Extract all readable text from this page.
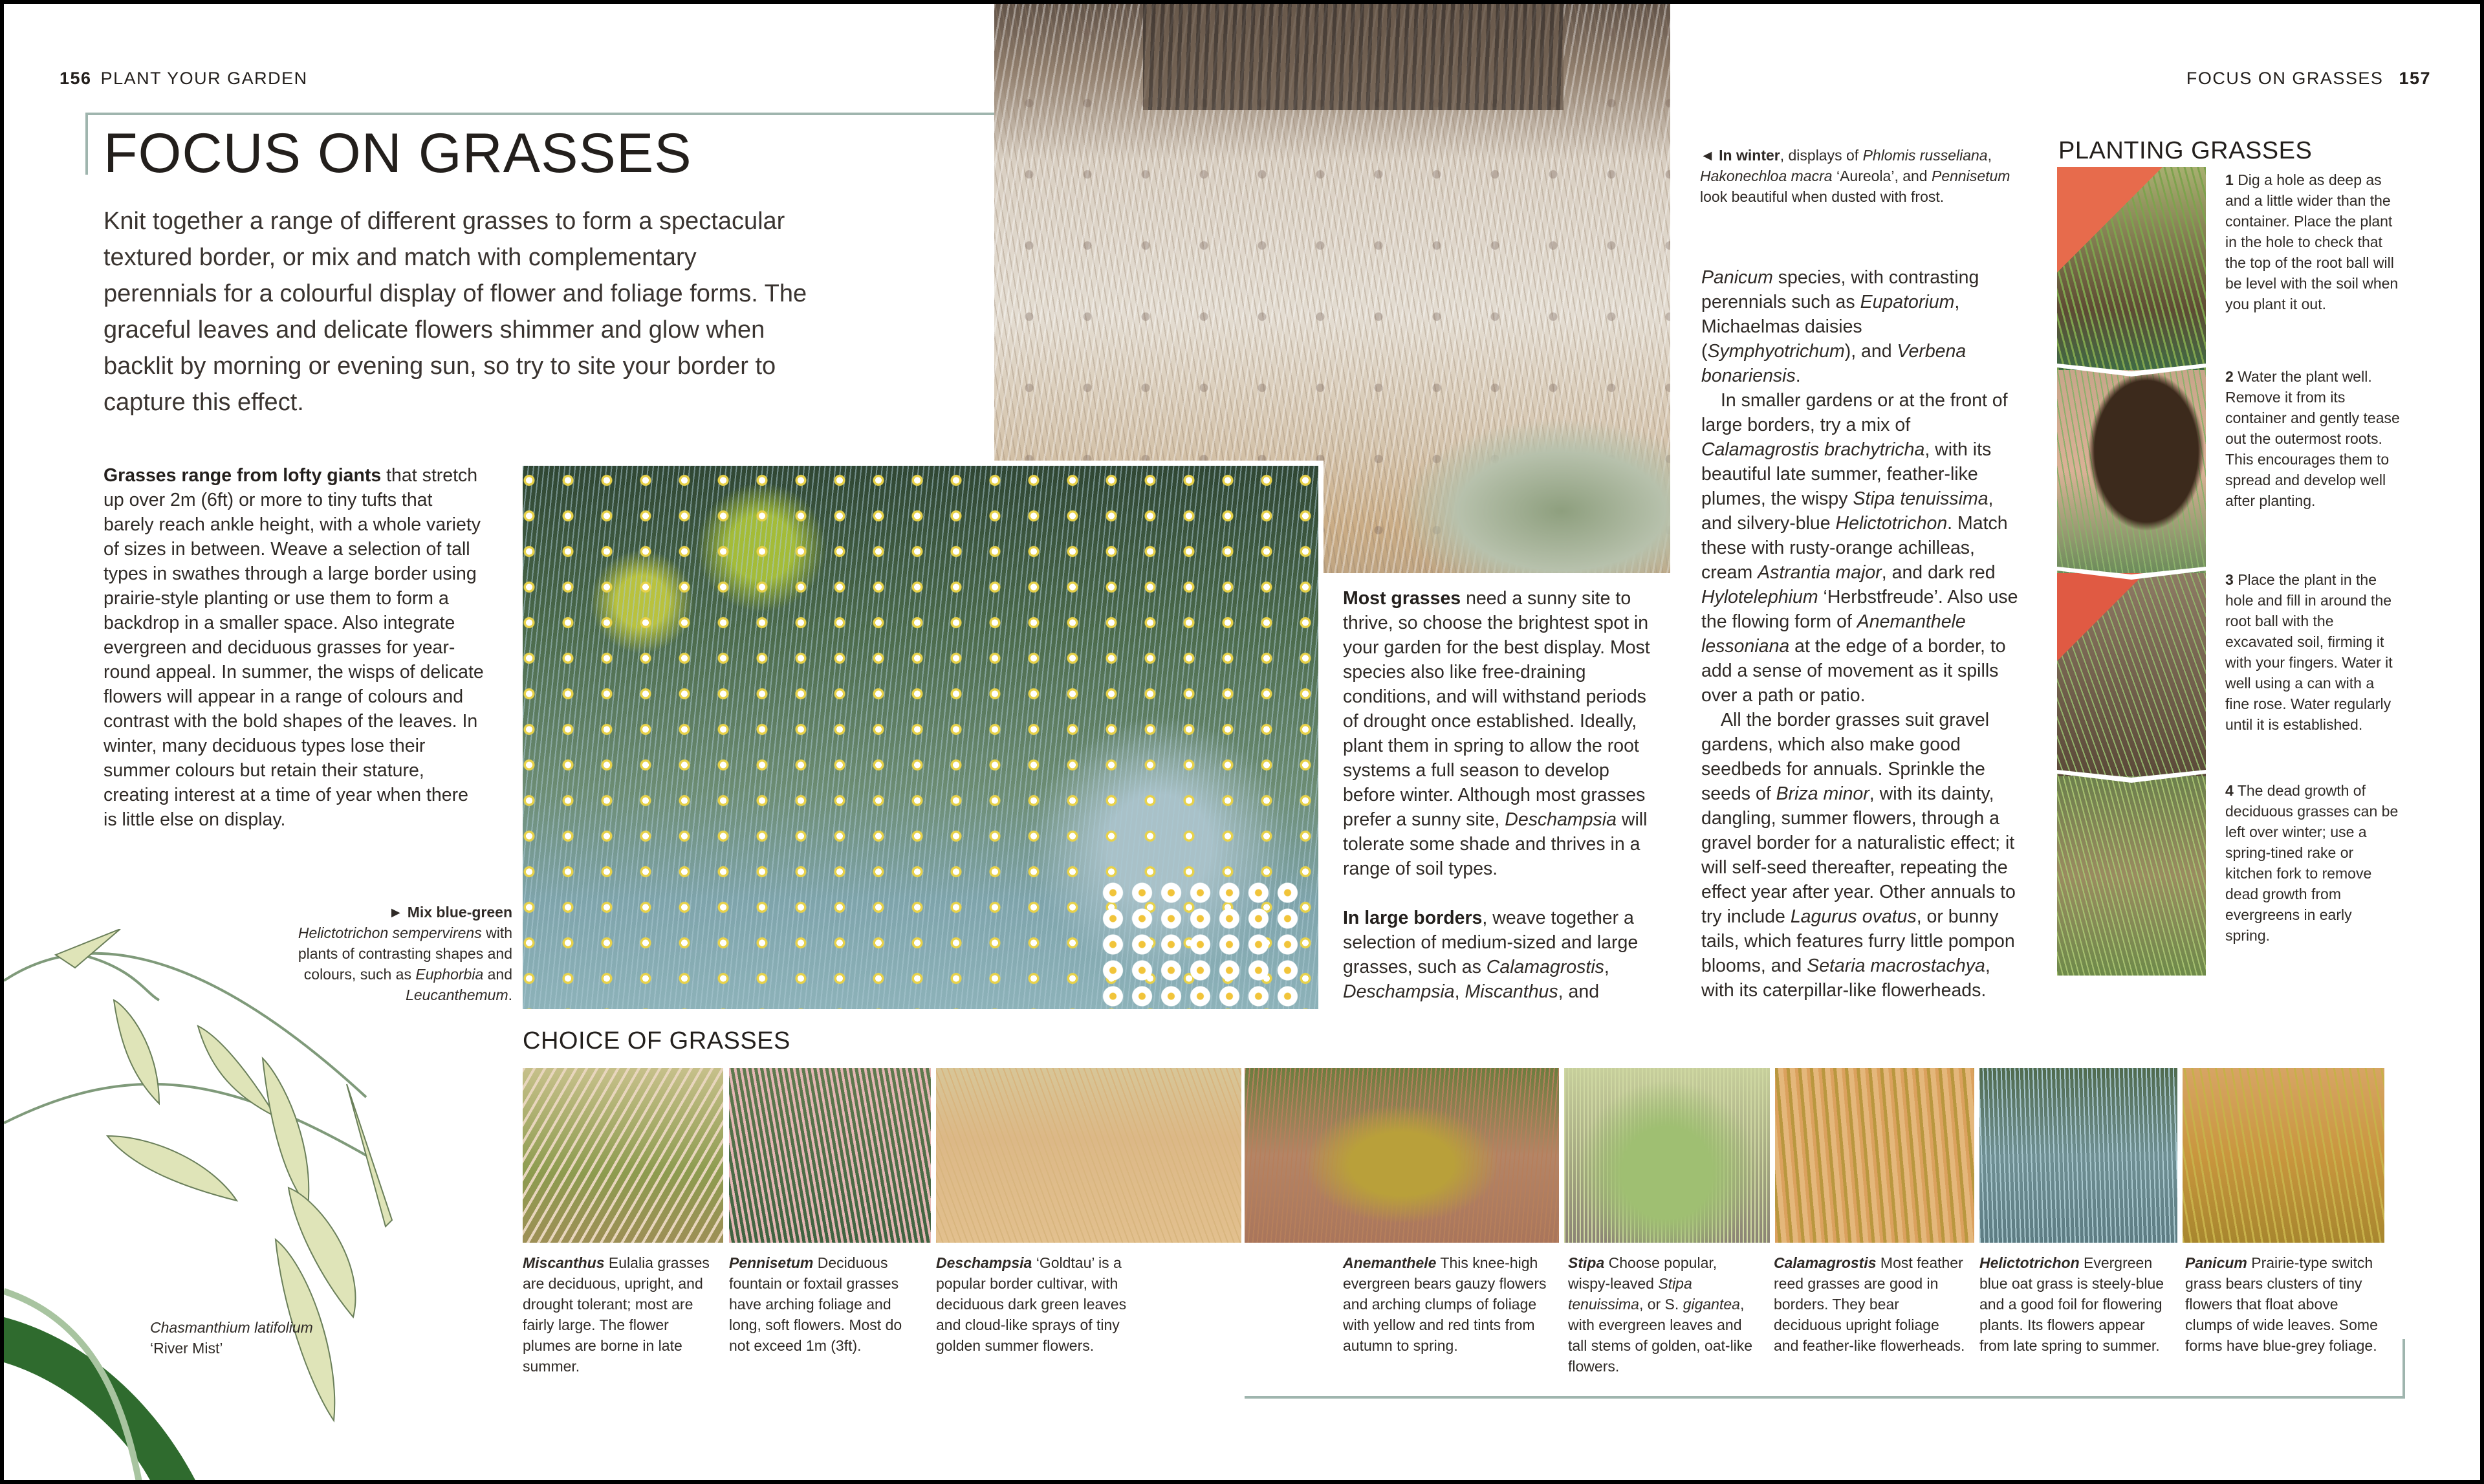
156 PLANT YOUR GARDEN	FOCUS ON GRASSES 157
FOCUS ON GRASSES

Knit together a range of different grasses to form a spectacular textured border, or mix and match with complementary perennials for a colourful display of flower and foliage forms. The graceful leaves and delicate flowers shimmer and glow when backlit by morning or evening sun, so try to site your border to capture this effect.

Grasses range from lofty giants that stretch up over 2m (6ft) or more to tiny tufts that barely reach ankle height, with a whole variety of sizes in between. Weave a selection of tall types in swathes through a large border using prairie-style planting or use them to form a backdrop in a smaller space. Also integrate evergreen and deciduous grasses for year-round appeal. In summer, the wisps of delicate flowers will appear in a range of colours and contrast with the bold shapes of the leaves. In winter, many deciduous types lose their summer colours but retain their stature, creating interest at a time of year when there is little else on display.

► Mix blue-green
Helictotrichon sempervirens with plants of contrasting shapes and colours, such as Euphorbia and Leucanthemum.
Chasmanthium latifolium ‘River Mist’

Most grasses need a sunny site to thrive, so choose the brightest spot in your garden for the best display. Most species also like free-draining conditions, and will withstand periods of drought once established. Ideally, plant them in spring to allow the root systems a full season to develop before winter. Although most grasses prefer a sunny site, Deschampsia will tolerate some shade and thrives in a range of soil types.

In large borders, weave together a selection of medium-sized and large grasses, such as Calamagrostis, Deschampsia, Miscanthus, and

◄ In winter, displays of Phlomis russeliana, Hakonechloa macra ‘Aureola’, and Pennisetum look beautiful when dusted with frost.

Panicum species, with contrasting perennials such as Eupatorium, Michaelmas daisies (Symphyotrichum), and Verbena bonariensis.

In smaller gardens or at the front of large borders, try a mix of Calamagrostis brachytricha, with its beautiful late summer, feather-like plumes, the wispy Stipa tenuissima, and silvery-blue Helictotrichon. Match these with rusty-orange achilleas, cream Astrantia major, and dark red Hylotelephium ‘Herbstfreude’. Also use the flowing form of Anemanthele lessoniana at the edge of a border, to add a sense of movement as it spills over a path or patio.

All the border grasses suit gravel gardens, which also make good seedbeds for annuals. Sprinkle the seeds of Briza minor, with its dainty, dangling, summer flowers, through a gravel border for a naturalistic effect; it will self-seed thereafter, repeating the effect year after year. Other annuals to try include Lagurus ovatus, or bunny tails, which features furry little pompon blooms, and Setaria macrostachya, with its caterpillar-like flowerheads.

PLANTING GRASSES
1 Dig a hole as deep as and a little wider than the container. Place the plant in the hole to check that the top of the root ball will be level with the soil when you plant it out.
2 Water the plant well. Remove it from its container and gently tease out the outermost roots. This encourages them to spread and develop well after planting.
3 Place the plant in the hole and fill in around the root ball with the excavated soil, firming it with your fingers. Water it well using a can with a fine rose. Water regularly until it is established.
4 The dead growth of deciduous grasses can be left over winter; use a spring-tined rake or kitchen fork to remove dead growth from evergreens in early spring.
CHOICE OF GRASSES
Miscanthus Eulalia grasses are deciduous, upright, and drought tolerant; most are fairly large. The flower plumes are borne in late summer.
Pennisetum Deciduous fountain or foxtail grasses have arching foliage and long, soft flowers. Most do not exceed 1m (3ft).
Deschampsia ‘Goldtau’ is a popular border cultivar, with deciduous dark green leaves and cloud-like sprays of tiny golden summer flowers.
Anemanthele This knee-high evergreen bears gauzy flowers and arching clumps of foliage with yellow and red tints from autumn to spring.
Stipa Choose popular, wispy-leaved Stipa tenuissima, or S. gigantea, with evergreen leaves and tall stems of golden, oat-like flowers.
Calamagrostis Most feather reed grasses are good in borders. They bear deciduous upright foliage and feather-like flowerheads.
Helictotrichon Evergreen blue oat grass is steely-blue and a good foil for flowering plants. Its flowers appear from late spring to summer.
Panicum Prairie-type switch grass bears clusters of tiny flowers that float above clumps of wide leaves. Some forms have blue-grey foliage.
